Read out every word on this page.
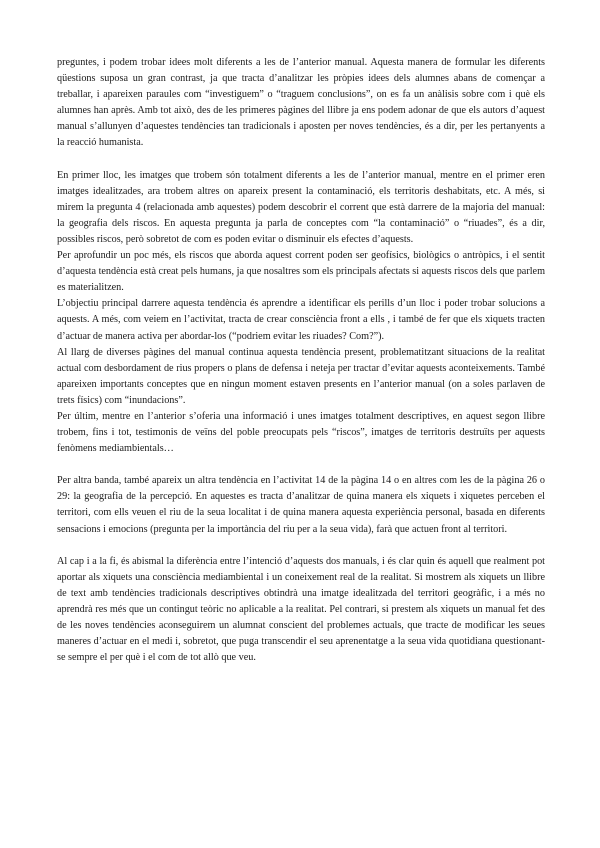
preguntes, i podem trobar idees molt diferents a les de l’anterior manual. Aquesta manera de formular les diferents qüestions suposa un gran contrast, ja que tracta d’analitzar les pròpies idees dels alumnes abans de començar a treballar, i apareixen paraules com “investiguem” o “traguem conclusions”, on es fa un anàlisis sobre com i què els alumnes han après. Amb tot això, des de les primeres pàgines del llibre ja ens podem adonar de que els autors d’aquest manual s’allunyen d’aquestes tendències tan tradicionals i aposten per noves tendències, és a dir, per les pertanyents a la reacció humanista.

En primer lloc, les imatges que trobem són totalment diferents a les de l’anterior manual, mentre en el primer eren imatges idealitzades, ara trobem altres on apareix present la contaminació, els territoris deshabitats, etc. A més, si mirem la pregunta 4 (relacionada amb aquestes) podem descobrir el corrent que està darrere de la majoria del manual: la geografia dels riscos. En aquesta pregunta ja parla de conceptes com “la contaminació” o “riuades”, és a dir, possibles riscos, però sobretot de com es poden evitar o disminuir els efectes d’aquests.

Per aprofundir un poc més, els riscos que aborda aquest corrent poden ser geofísics, biològics o antròpics, i el sentit d’aquesta tendència està creat pels humans, ja que nosaltres som els principals afectats si aquests riscos dels que parlem es materialitzen.

L’objectiu principal darrere aquesta tendència és aprendre a identificar els perills d’un lloc i poder trobar solucions a aquests. A més, com veiem en l’activitat, tracta de crear consciència front a ells , i també de fer que els xiquets tracten d’actuar de manera activa per abordar-los (“podriem evitar les riuades? Com?”).

Al llarg de diverses pàgines del manual continua aquesta tendència present, problematitzant situacions de la realitat actual com desbordament de rius propers o plans de defensa i neteja per tractar d’evitar aquests aconteixements. També apareixen importants conceptes que en ningun moment estaven presents en l’anterior manual (on a soles parlaven de trets físics) com “inundacions”.

Per últim, mentre en l’anterior s’oferia una informació i unes imatges totalment descriptives, en aquest segon llibre trobem, fins i tot, testimonis de veïns del poble preocupats pels “riscos”, imatges de territoris destruïts per aquests fenòmens mediambientals…

Per altra banda, també apareix un altra tendència en l’activitat 14 de la pàgina 14 o en altres com les de la pàgina 26 o 29: la geografia de la percepció. En aquestes es tracta d’analitzar de quina manera els xiquets i xiquetes perceben el territori, com ells veuen el riu de la seua localitat i de quina manera aquesta experiència personal, basada en diferents sensacions i emocions (pregunta per la importància del riu per a la seua vida), farà que actuen front al territori.

Al cap i a la fi, és abismal la diferència entre l’intenció d’aquests dos manuals, i és clar quin és aquell que realment pot aportar als xiquets una consciència mediambiental i un coneixement real de la realitat. Si mostrem als xiquets un llibre de text amb tendències tradicionals descriptives obtindrà una imatge idealitzada del territori geogràfic, i a més no aprendrà res més que un contingut teòric no aplicable a la realitat. Pel contrari, si prestem als xiquets un manual fet des de les noves tendències aconseguirem un alumnat conscient del problemes actuals, que tracte de modificar les seues maneres d’actuar en el medi i, sobretot, que puga transcendir el seu aprenentatge a la seua vida quotidiana questionant-se sempre el per què i el com de tot allò que veu.
